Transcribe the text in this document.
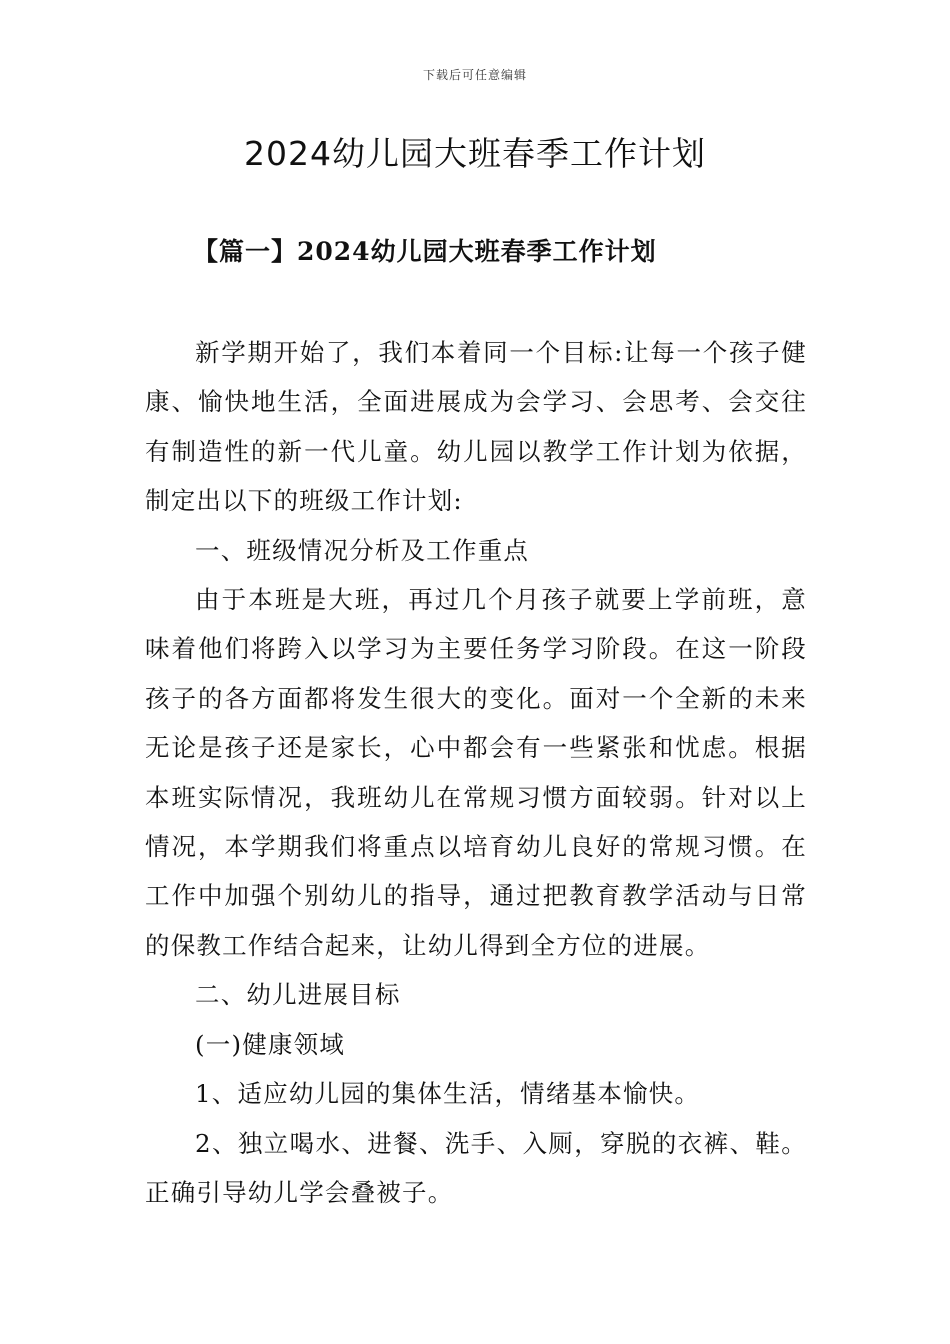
下载后可任意编辑
2024幼儿园大班春季工作计划
【篇一】2024幼儿园大班春季工作计划

新学期开始了，我们本着同一个目标:让每一个孩子健康、愉快地生活，全面进展成为会学习、会思考、会交往有制造性的新一代儿童。幼儿园以教学工作计划为依据，制定出以下的班级工作计划:

一、班级情况分析及工作重点

由于本班是大班，再过几个月孩子就要上学前班，意味着他们将跨入以学习为主要任务学习阶段。在这一阶段孩子的各方面都将发生很大的变化。面对一个全新的未来无论是孩子还是家长，心中都会有一些紧张和忧虑。根据本班实际情况，我班幼儿在常规习惯方面较弱。针对以上情况，本学期我们将重点以培育幼儿良好的常规习惯。在工作中加强个别幼儿的指导，通过把教育教学活动与日常的保教工作结合起来，让幼儿得到全方位的进展。

二、幼儿进展目标

(一)健康领域

1、适应幼儿园的集体生活，情绪基本愉快。

2、独立喝水、进餐、洗手、入厕，穿脱的衣裤、鞋。正确引导幼儿学会叠被子。
